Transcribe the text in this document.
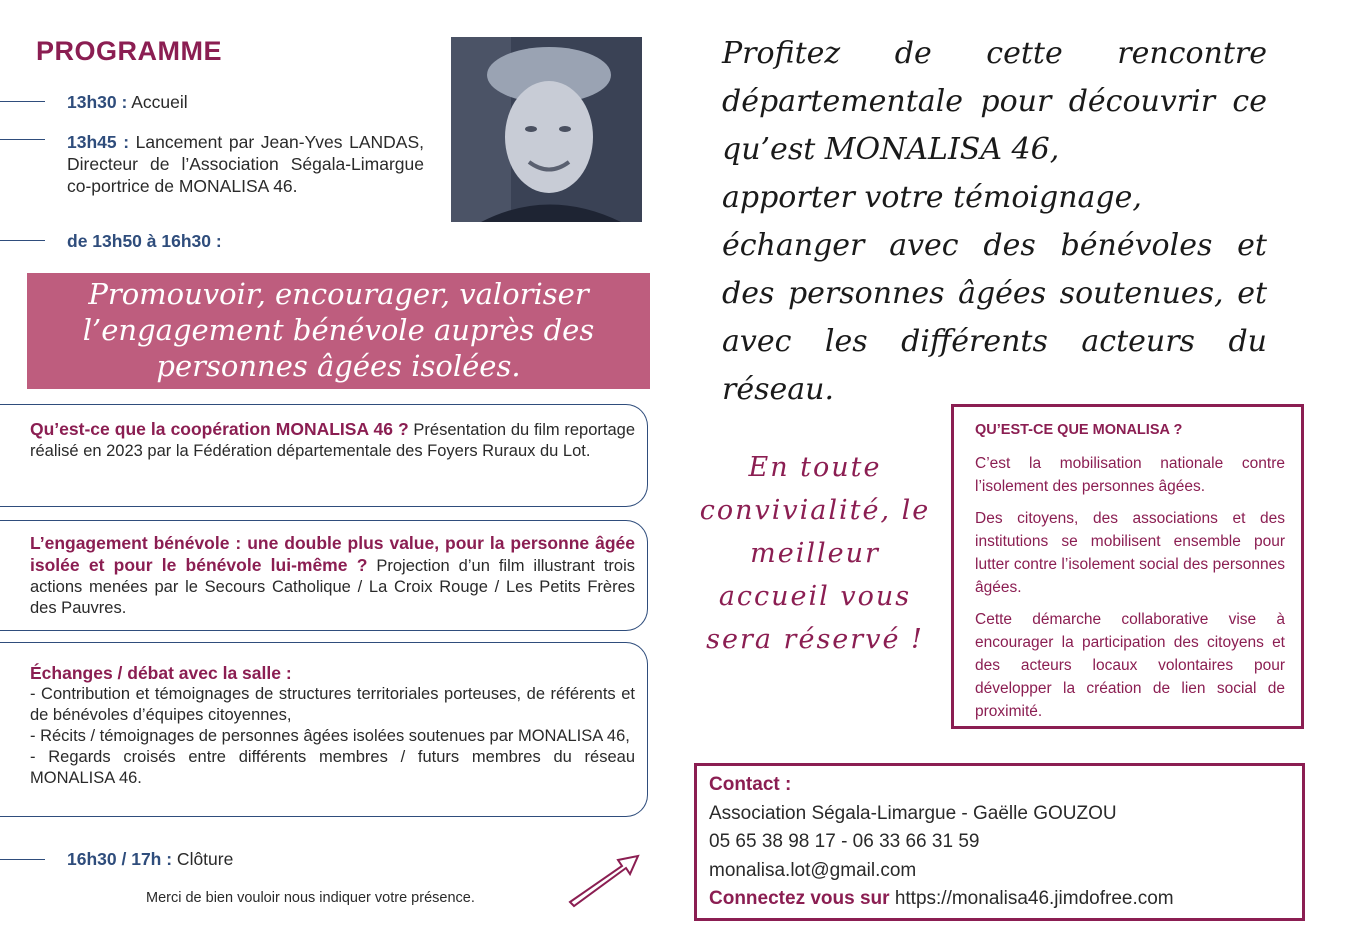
PROGRAMME
13h30 : Accueil
13h45 : Lancement par Jean-Yves LANDAS, Directeur de l’Association Ségala-Limargue co-portrice de MONALISA 46.
de 13h50 à 16h30 :
Promouvoir, encourager, valoriser l’engagement bénévole auprès des personnes âgées isolées.
Qu’est-ce que la coopération MONALISA 46 ? Présentation du film reportage réalisé en 2023 par la Fédération départementale des Foyers Ruraux du Lot.
L’engagement bénévole : une double plus value, pour la personne âgée isolée et pour le bénévole lui-même ? Projection d’un film illustrant trois actions menées par le Secours Catholique / La Croix Rouge / Les Petits Frères des Pauvres.
Échanges / débat avec la salle :
- Contribution et témoignages de structures territoriales porteuses, de référents et de bénévoles d’équipes citoyennes,
- Récits / témoignages de personnes âgées isolées soutenues par MONALISA 46,
- Regards croisés entre différents membres / futurs membres du réseau MONALISA 46.
16h30 / 17h : Clôture
Merci de bien vouloir nous indiquer votre présence.
Profitez de cette rencontre départementale pour découvrir ce qu’est MONALISA 46,
apporter votre témoignage,
échanger avec des bénévoles et des personnes âgées soutenues, et avec les différents acteurs du réseau.
En toute convivialité, le meilleur accueil vous sera réservé !
QU’EST-CE QUE MONALISA ?

C’est la mobilisation nationale contre l’isolement des personnes âgées.

Des citoyens, des associations et des institutions se mobilisent ensemble pour lutter contre l’isolement social des personnes âgées.

Cette démarche collaborative vise à encourager la participation des citoyens et des acteurs locaux volontaires pour développer la création de lien social de proximité.

Contact :
Association Ségala-Limargue - Gaëlle GOUZOU
05 65 38 98 17 - 06 33 66 31 59
monalisa.lot@gmail.com
Connectez vous sur https://monalisa46.jimdofree.com
